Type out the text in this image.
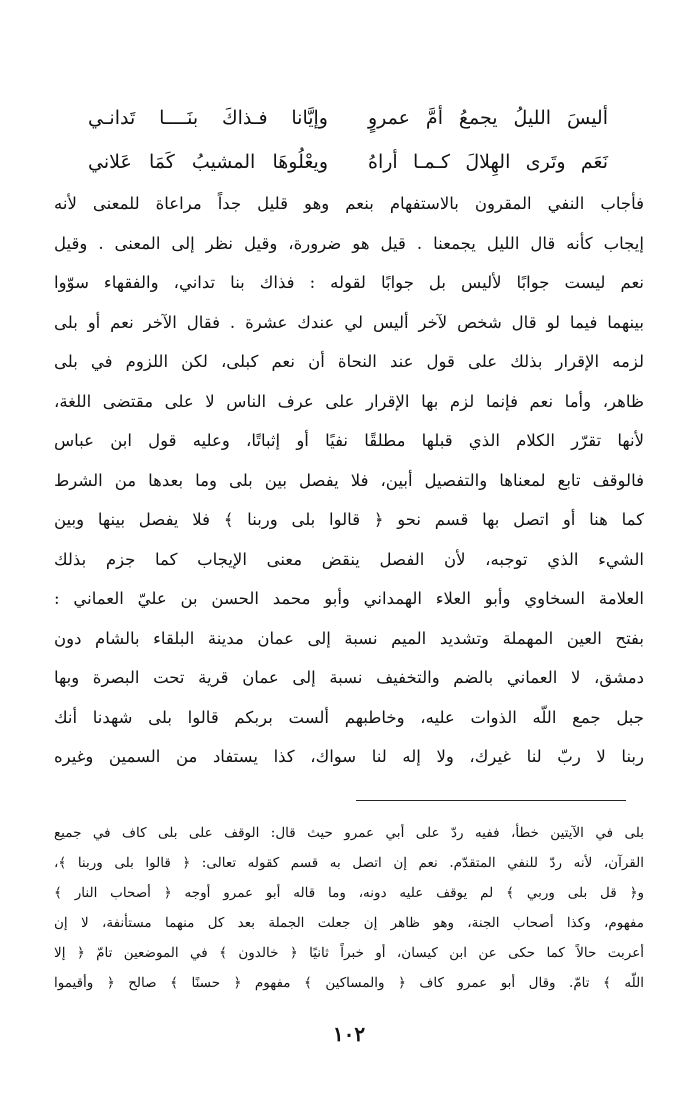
أليسَ الليلُ يجمعُ أمَّ عمروٍ
وإيَّانا فـذاكَ بنَــــا تَدانـي
نَعَم وتَرى الهِلالَ كـمـا أراهُ
ويعْلُوهَا المشيبُ كَمَا عَلاني
فأجاب النفي المقرون بالاستفهام بنعم وهو قليل جداً مراعاة للمعنى لأنه
إيجاب كأنه قال الليل يجمعنا . قيل هو ضرورة، وقيل نظر إلى المعنى . وقيل
نعم ليست جوابًا لأليس بل جوابًا لقوله : فذاك بنا تداني، والفقهاء سوّوا
بينهما فيما لو قال شخص لآخر أليس لي عندك عشرة . فقال الآخر نعم أو بلى
لزمه الإقرار بذلك على قول عند النحاة أن نعم كبلى، لكن اللزوم في بلى
ظاهر، وأما نعم فإنما لزم بها الإقرار على عرف الناس لا على مقتضى اللغة،
لأنها تقرّر الكلام الذي قبلها مطلقًا نفيًا أو إثباتًا، وعليه قول ابن عباس
فالوقف تابع لمعناها والتفصيل أبين، فلا يفصل بين بلى وما بعدها من الشرط
كما هنا أو اتصل بها قسم نحو ﴿ قالوا بلى وربنا ﴾ فلا يفصل بينها وبين
الشيء الذي توجبه، لأن الفصل ينقض معنى الإيجاب كما جزم بذلك
العلامة السخاوي وأبو العلاء الهمداني وأبو محمد الحسن بن عليّ العماني :
بفتح العين المهملة وتشديد الميم نسبة إلى عمان مدينة البلقاء بالشام دون
دمشق، لا العماني بالضم والتخفيف نسبة إلى عمان قرية تحت البصرة وبها
جبل جمع اللّه الذوات عليه، وخاطبهم ألست بربكم قالوا بلى شهدنا أنك
ربنا لا ربّ لنا غيرك، ولا إله لنا سواك، كذا يستفاد من السمين وغيره
بلى في الآيتين خطأ، ففيه ردّ على أبي عمرو حيث قال: الوقف على بلى كاف في جميع
القرآن، لأنه ردّ للنفي المتقدّم. نعم إن اتصل به قسم كقوله تعالى: ﴿ قالوا بلى وربنا ﴾،
و﴿ قل بلى وربي ﴾ لم يوقف عليه دونه، وما قاله أبو عمرو أوجه ﴿ أصحاب النار ﴾
مفهوم، وكذا أصحاب الجنة، وهو ظاهر إن جعلت الجملة بعد كل منهما مستأنفة، لا إن
أعربت حالاً كما حكى عن ابن كيسان، أو خبراً ثانيًا ﴿ خالدون ﴾ في الموضعين تامّ ﴿ إلا
اللّه ﴾ تامّ. وقال أبو عمرو كاف ﴿ والمساكين ﴾ مفهوم ﴿ حسنًا ﴾ صالح ﴿ وأقيموا
١٠٢
